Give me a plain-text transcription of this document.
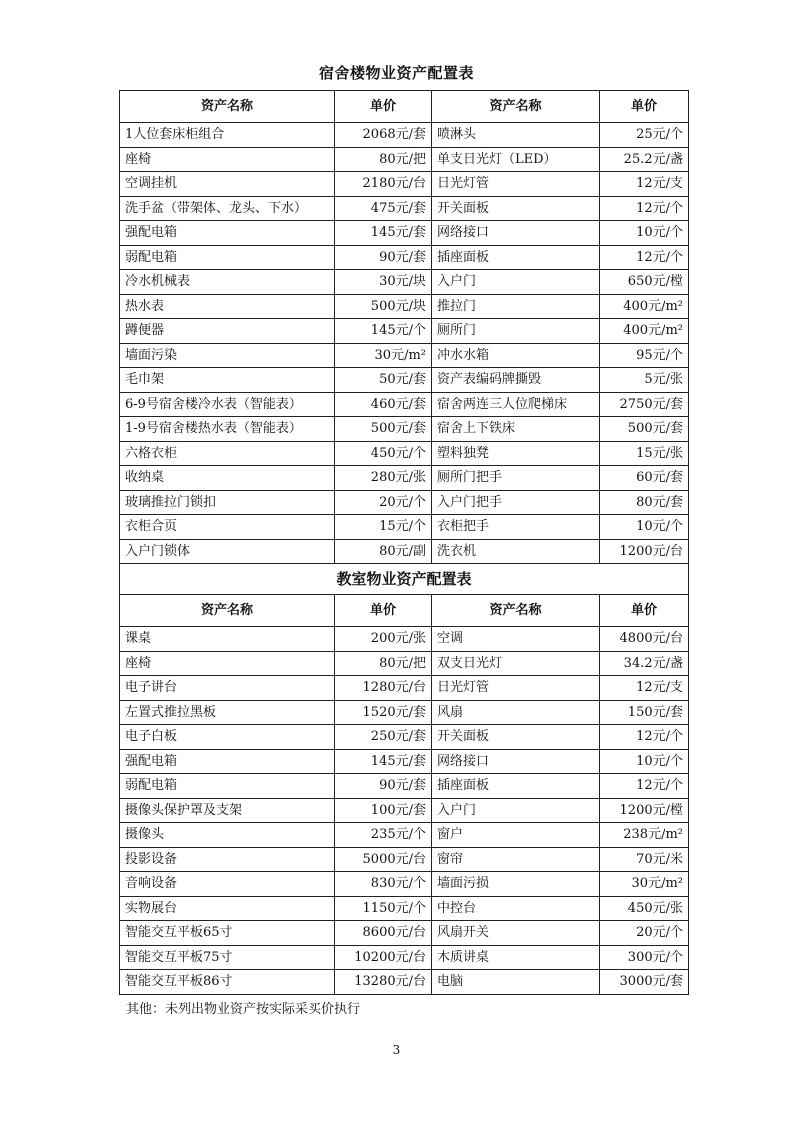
宿舍楼物业资产配置表
资产名称	单价	资产名称	单价
1人位套床柜组合	2068元/套	喷淋头	25元/个
座椅	80元/把	单支日光灯（LED）	25.2元/盏
空调挂机	2180元/台	日光灯管	12元/支
洗手盆（带架体、龙头、下水）	475元/套	开关面板	12元/个
强配电箱	145元/套	网络接口	10元/个
弱配电箱	90元/套	插座面板	12元/个
冷水机械表	30元/块	入户门	650元/樘
热水表	500元/块	推拉门	400元/m²
蹲便器	145元/个	厕所门	400元/m²
墙面污染	30元/m²	冲水水箱	95元/个
毛巾架	50元/套	资产表编码牌撕毁	5元/张
6-9号宿舍楼冷水表（智能表）	460元/套	宿舍两连三人位爬梯床	2750元/套
1-9号宿舍楼热水表（智能表）	500元/套	宿舍上下铁床	500元/套
六格衣柜	450元/个	塑料独凳	15元/张
收纳桌	280元/张	厕所门把手	60元/套
玻璃推拉门锁扣	20元/个	入户门把手	80元/套
衣柜合页	15元/个	衣柜把手	10元/个
入户门锁体	80元/副	洗衣机	1200元/台
教室物业资产配置表			
资产名称	单价	资产名称	单价
课桌	200元/张	空调	4800元/台
座椅	80元/把	双支日光灯	34.2元/盏
电子讲台	1280元/台	日光灯管	12元/支
左置式推拉黑板	1520元/套	风扇	150元/套
电子白板	250元/套	开关面板	12元/个
强配电箱	145元/套	网络接口	10元/个
弱配电箱	90元/套	插座面板	12元/个
摄像头保护罩及支架	100元/套	入户门	1200元/樘
摄像头	235元/个	窗户	238元/m²
投影设备	5000元/台	窗帘	70元/米
音响设备	830元/个	墙面污损	30元/m²
实物展台	1150元/个	中控台	450元/张
智能交互平板65寸	8600元/台	风扇开关	20元/个
智能交互平板75寸	10200元/台	木质讲桌	300元/个
智能交互平板86寸	13280元/台	电脑	3000元/套
其他：未列出物业资产按实际采买价执行
3
